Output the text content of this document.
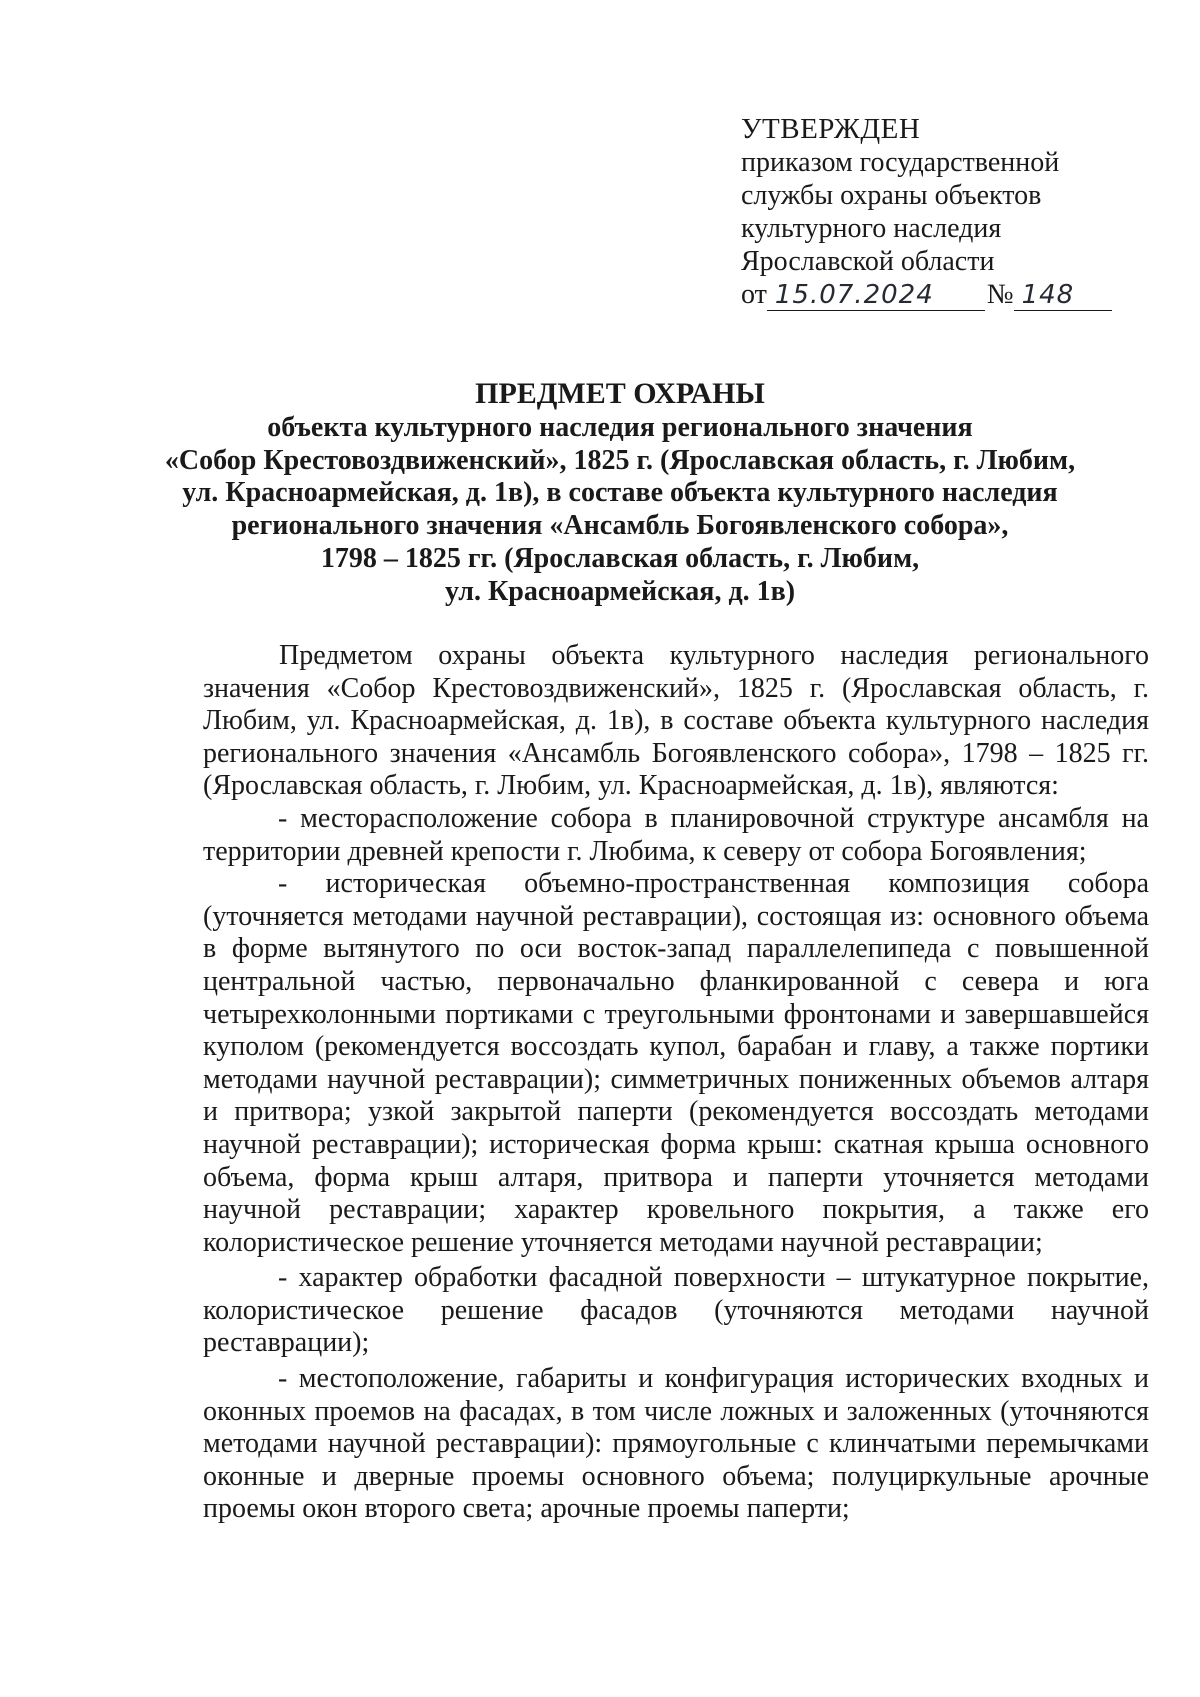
УТВЕРЖДЕН
приказом государственной
службы охраны объектов
культурного наследия
Ярославской области
от 15.07.2024	№ 148
ПРЕДМЕТ ОХРАНЫ
объекта культурного наследия регионального значения
«Собор Крестовоздвиженский», 1825 г. (Ярославская область, г. Любим,
ул. Красноармейская, д. 1в), в составе объекта культурного наследия
регионального значения «Ансамбль Богоявленского собора»,
1798 – 1825 гг. (Ярославская область, г. Любим,
ул. Красноармейская, д. 1в)

Предметом охраны объекта культурного наследия регионального значения «Собор Крестовоздвиженский», 1825 г. (Ярославская область, г. Любим, ул. Красноармейская, д. 1в), в составе объекта культурного наследия регионального значения «Ансамбль Богоявленского собора», 1798 – 1825 гг. (Ярославская область, г. Любим, ул. Красноармейская, д. 1в), являются:

- месторасположение собора в планировочной структуре ансамбля на территории древней крепости г. Любима, к северу от собора Богоявления;

- историческая объемно-пространственная композиция собора (уточняется методами научной реставрации), состоящая из: основного объема в форме вытянутого по оси восток-запад параллелепипеда с повышенной центральной частью, первоначально фланкированной с севера и юга четырехколонными портиками с треугольными фронтонами и завершавшейся куполом (рекомендуется воссоздать купол, барабан и главу, а также портики методами научной реставрации); симметричных пониженных объемов алтаря и притвора; узкой закрытой паперти (рекомендуется воссоздать методами научной реставрации); историческая форма крыш: скатная крыша основного объема, форма крыш алтаря, притвора и паперти уточняется методами научной реставрации; характер кровельного покрытия, а также его колористическое решение уточняется методами научной реставрации;

- характер обработки фасадной поверхности – штукатурное покрытие, колористическое решение фасадов (уточняются методами научной реставрации);

- местоположение, габариты и конфигурация исторических входных и оконных проемов на фасадах, в том числе ложных и заложенных (уточняются методами научной реставрации): прямоугольные с клинчатыми перемычками оконные и дверные проемы основного объема; полуциркульные арочные проемы окон второго света; арочные проемы паперти;
